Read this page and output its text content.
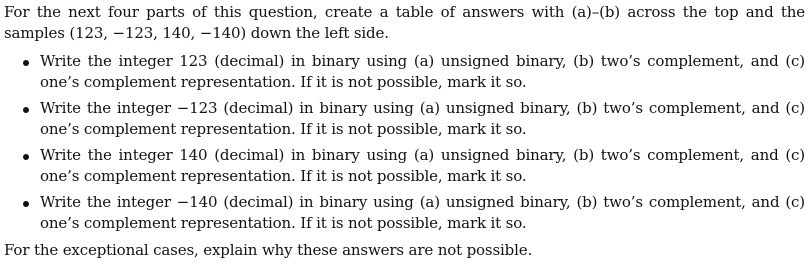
For the next four parts of this question, create a table of answers with (a)–(b) across the top and the samples (123, −123, 140, −140) down the left side.

Write the integer 123 (decimal) in binary using (a) unsigned binary, (b) two’s complement, and (c) one’s complement representation. If it is not possible, mark it so.

Write the integer −123 (decimal) in binary using (a) unsigned binary, (b) two’s complement, and (c) one’s complement representation. If it is not possible, mark it so.

Write the integer 140 (decimal) in binary using (a) unsigned binary, (b) two’s complement, and (c) one’s complement representation. If it is not possible, mark it so.

Write the integer −140 (decimal) in binary using (a) unsigned binary, (b) two’s complement, and (c) one’s complement representation. If it is not possible, mark it so.

For the exceptional cases, explain why these answers are not possible.
